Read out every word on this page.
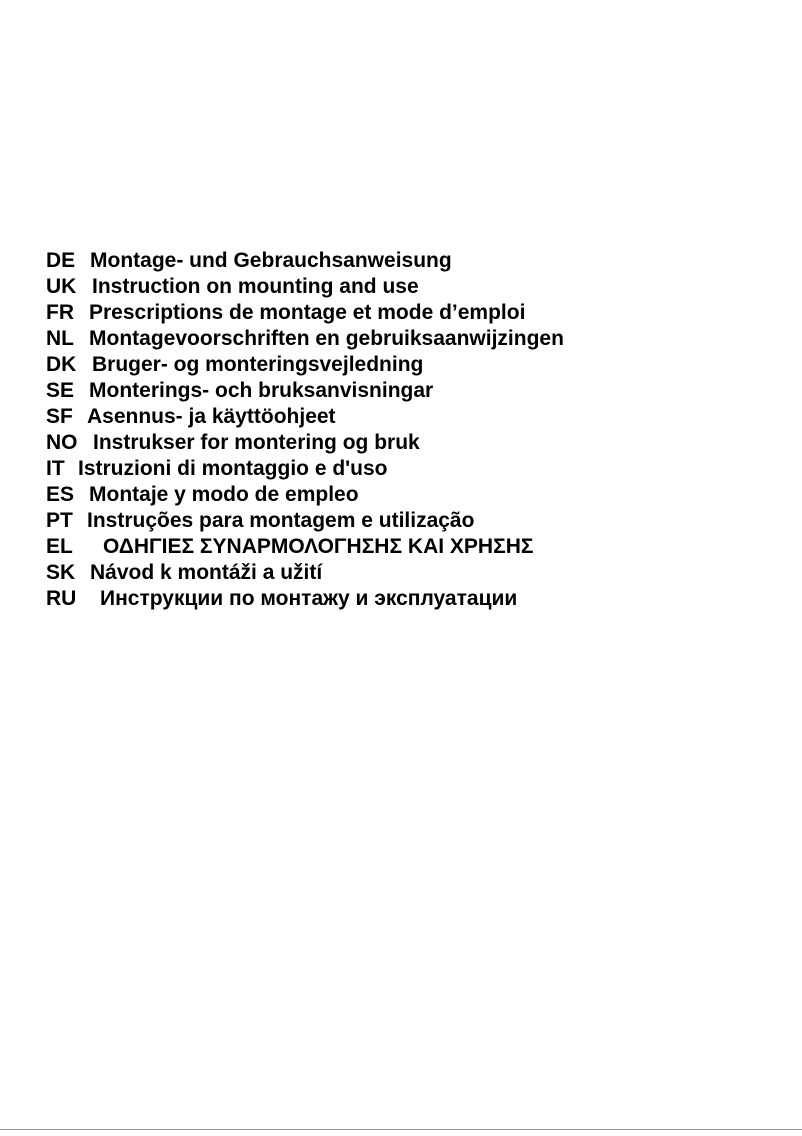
DE Montage- und Gebrauchsanweisung
UK Instruction on mounting and use
FR Prescriptions de montage et mode d’emploi
NL Montagevoorschriften en gebruiksaanwijzingen
DK Bruger- og monteringsvejledning
SE Monterings- och bruksanvisningar
SF Asennus- ja käyttöohjeet
NO Instrukser for montering og bruk
IT Istruzioni di montaggio e d'uso
ES Montaje y modo de empleo
PT Instruções para montagem e utilização
EL	ΟΔΗΓΙΕΣ ΣΥΝΑΡΜΟΛΟΓΗΣΗΣ ΚΑΙ ΧΡΗΣΗΣ
SK Návod k montáži a užití
RU	Инструкции по монтажу и эксплуатации
